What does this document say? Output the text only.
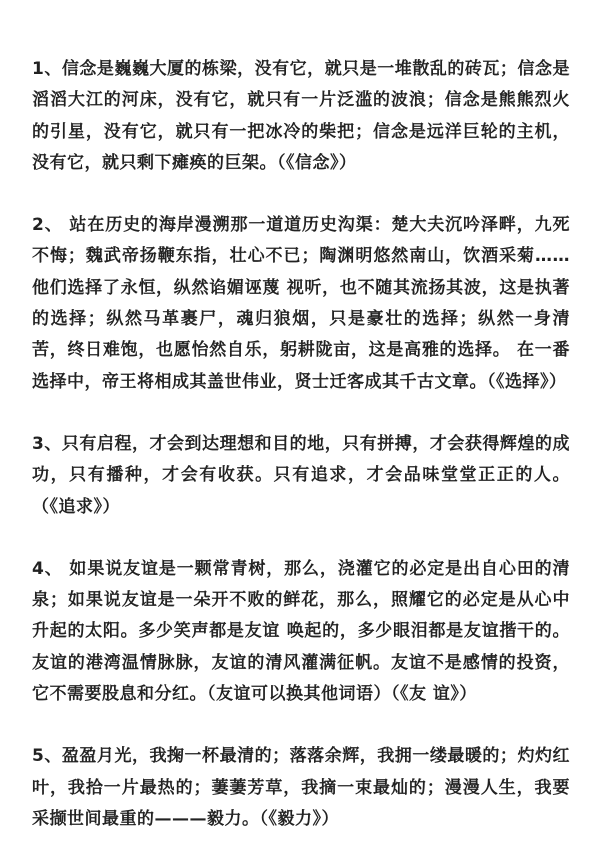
1、信念是巍巍大厦的栋梁，没有它，就只是一堆散乱的砖瓦；信念是滔滔大江的河床，没有它，就只有一片泛滥的波浪；信念是熊熊烈火的引星，没有它，就只有一把冰冷的柴把；信念是远洋巨轮的主机，没有它，就只剩下瘫痪的巨架。（《信念》）

2、 站在历史的海岸漫溯那一道道历史沟渠：楚大夫沉吟泽畔，九死不悔；魏武帝扬鞭东指，壮心不已；陶渊明悠然南山，饮酒采菊……他们选择了永恒，纵然谄媚诬蔑 视听，也不随其流扬其波，这是执著的选择；纵然马革裹尸，魂归狼烟，只是豪壮的选择；纵然一身清苦，终日难饱，也愿怡然自乐，躬耕陇亩，这是高雅的选择。 在一番选择中，帝王将相成其盖世伟业，贤士迁客成其千古文章。（《选择》）

3、只有启程，才会到达理想和目的地，只有拼搏，才会获得辉煌的成功，只有播种，才会有收获。只有追求，才会品味堂堂正正的人。（《追求》）

4、 如果说友谊是一颗常青树，那么，浇灌它的必定是出自心田的清泉；如果说友谊是一朵开不败的鲜花，那么，照耀它的必定是从心中升起的太阳。多少笑声都是友谊 唤起的，多少眼泪都是友谊揩干的。友谊的港湾温情脉脉，友谊的清风灌满征帆。友谊不是感情的投资，它不需要股息和分红。（友谊可以换其他词语）（《友 谊》）

5、盈盈月光，我掬一杯最清的；落落余辉，我拥一缕最暖的；灼灼红叶，我拾一片最热的；萋萋芳草，我摘一束最灿的；漫漫人生，我要采撷世间最重的———毅力。（《毅力》）
